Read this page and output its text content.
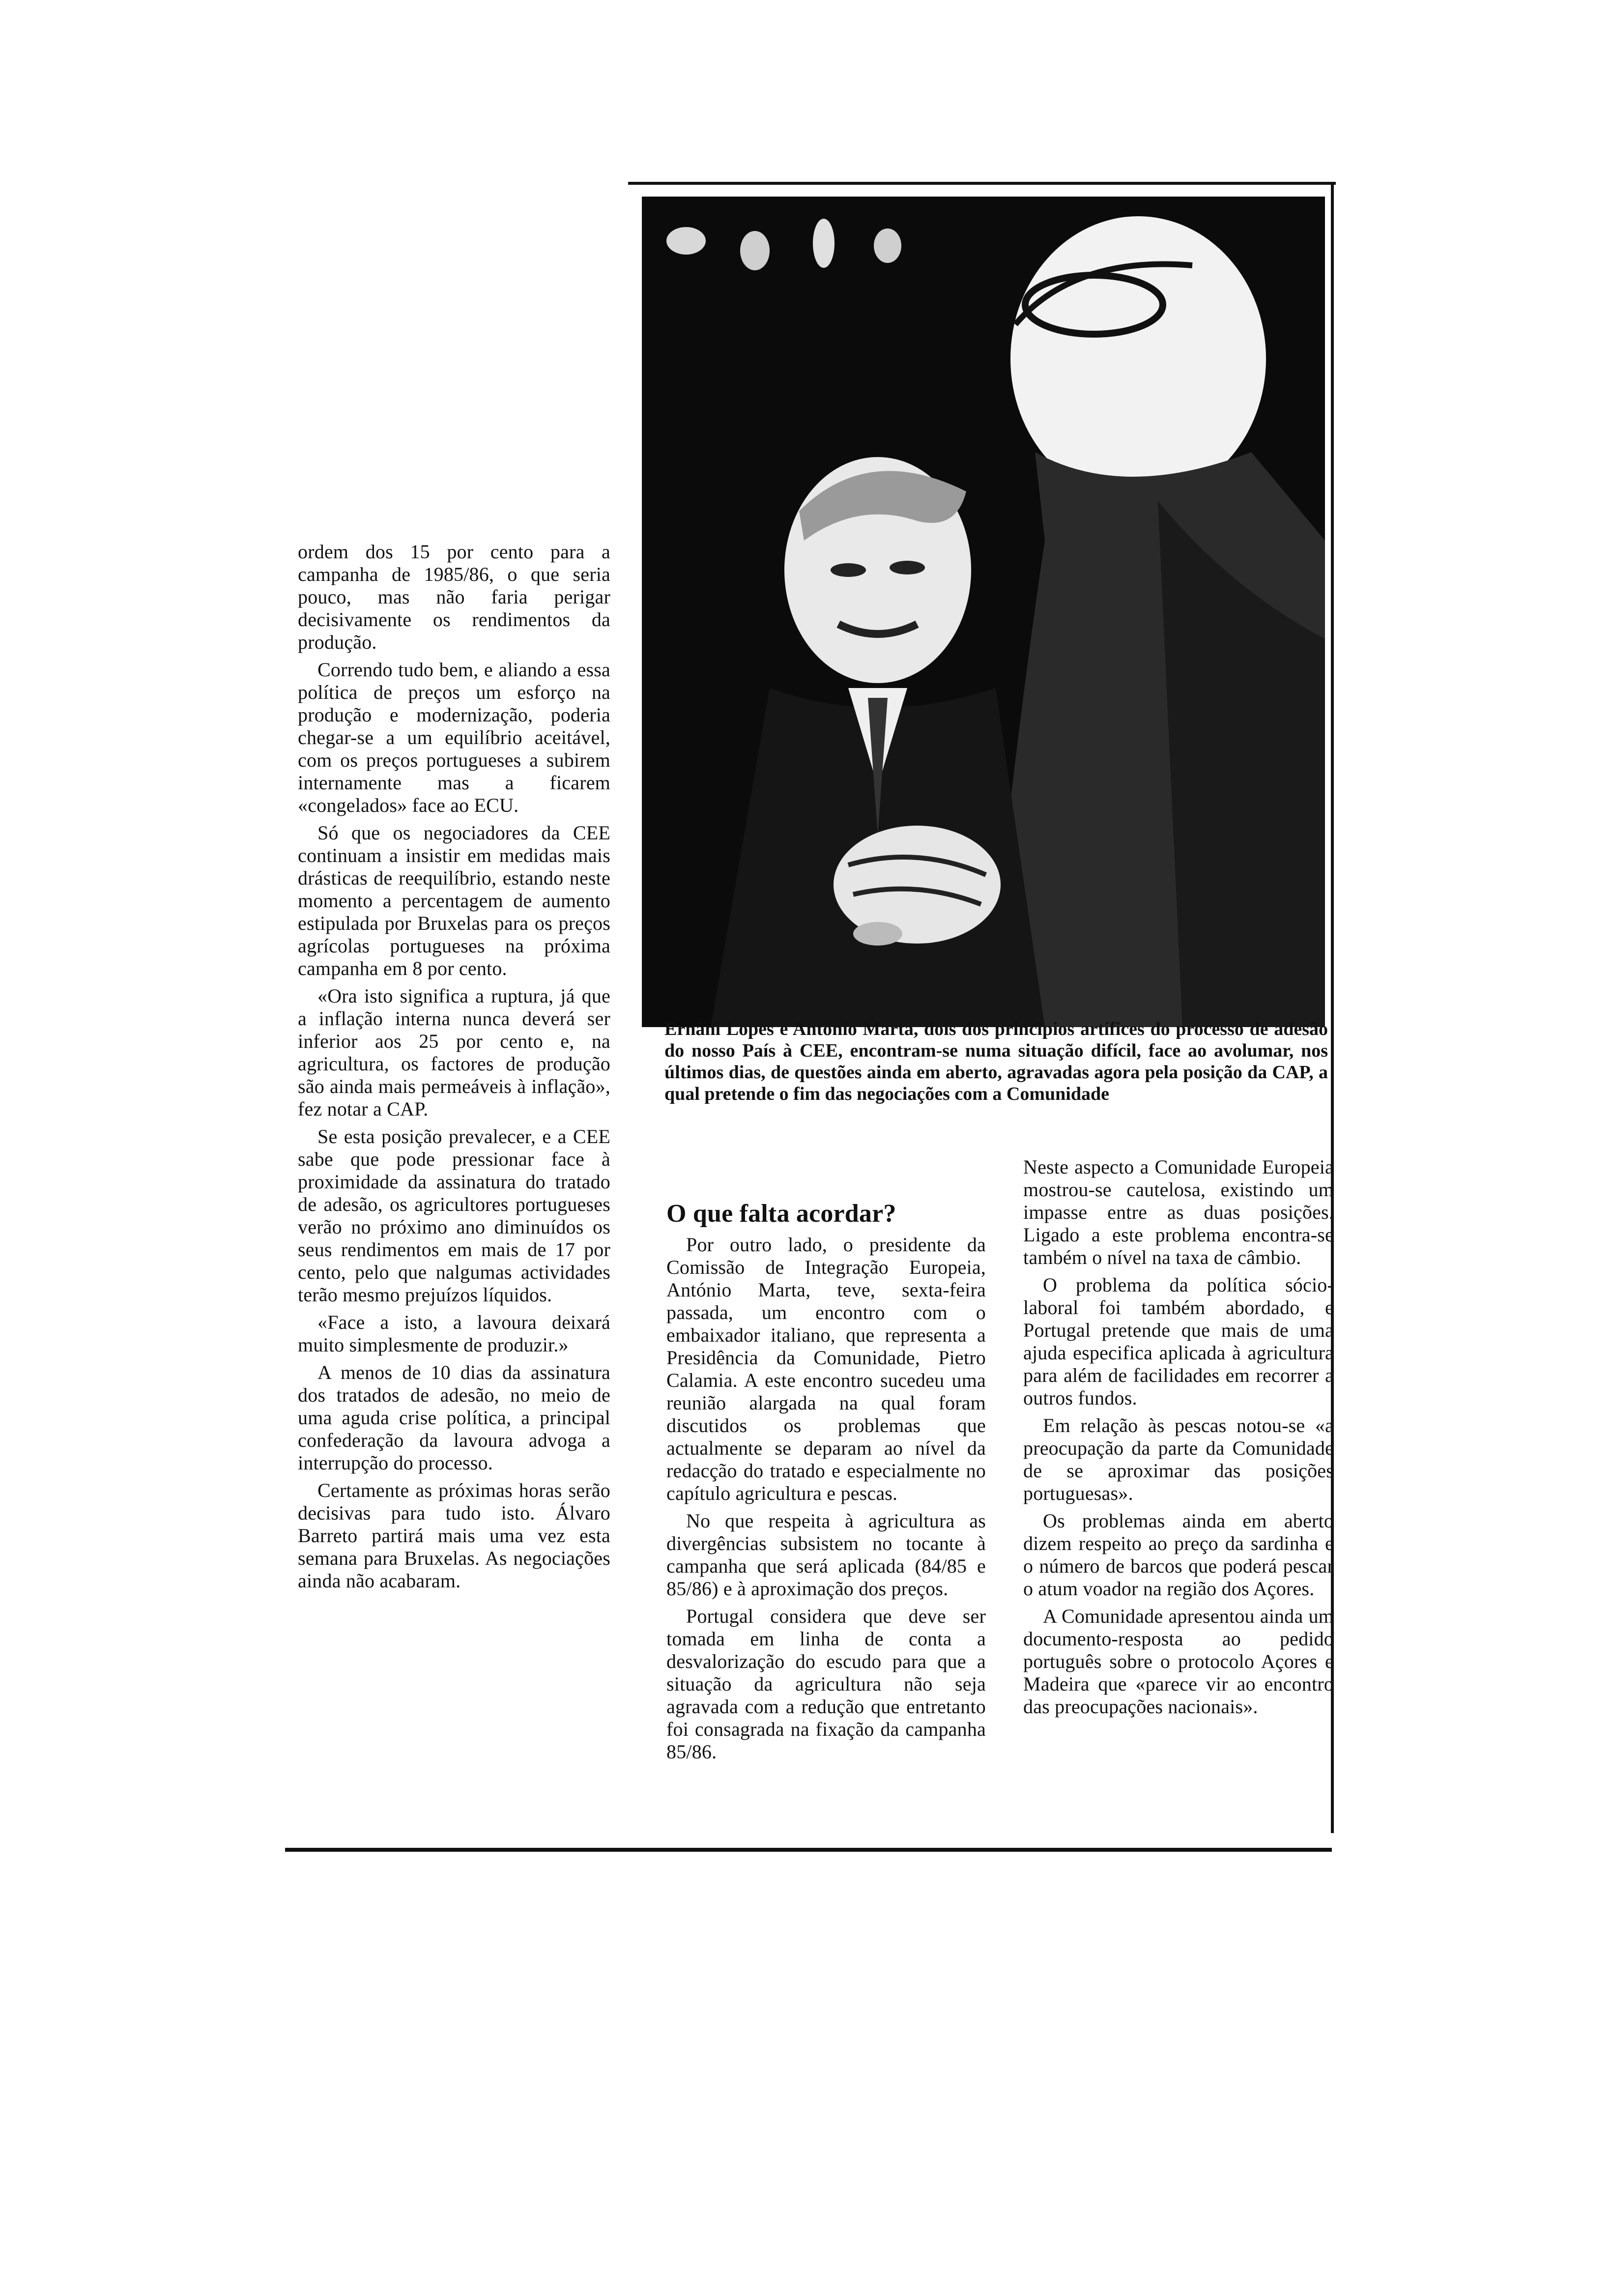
Ernâni Lopes e António Marta, dois dos principios artífices do processo de adesão do nosso País à CEE, encontram-se numa situação difícil, face ao avolumar, nos últimos dias, de questões ainda em aberto, agravadas agora pela posição da CAP, a qual pretende o fim das negociações com a Comunidade

ordem dos 15 por cento para a campanha de 1985/86, o que seria pouco, mas não faria perigar decisivamente os rendimentos da produção.

Correndo tudo bem, e aliando a essa política de preços um esforço na produção e modernização, poderia chegar-se a um equilíbrio aceitável, com os preços portugueses a subirem internamente mas a ficarem «congelados» face ao ECU.

Só que os negociadores da CEE continuam a insistir em medidas mais drásticas de reequilíbrio, estando neste momento a percentagem de aumento estipulada por Bruxelas para os preços agrícolas portugueses na próxima campanha em 8 por cento.

«Ora isto significa a ruptura, já que a inflação interna nunca deverá ser inferior aos 25 por cento e, na agricultura, os factores de produção são ainda mais permeáveis à inflação», fez notar a CAP.

Se esta posição prevalecer, e a CEE sabe que pode pressionar face à proximidade da assinatura do tratado de adesão, os agricultores portugueses verão no próximo ano diminuídos os seus rendimentos em mais de 17 por cento, pelo que nalgumas actividades terão mesmo prejuízos líquidos.

«Face a isto, a lavoura deixará muito simplesmente de produzir.»

A menos de 10 dias da assinatura dos tratados de adesão, no meio de uma aguda crise política, a principal confederação da lavoura advoga a interrupção do processo.

Certamente as próximas horas serão decisivas para tudo isto. Álvaro Barreto partirá mais uma vez esta semana para Bruxelas. As negociações ainda não acabaram.

O que falta acordar?

Por outro lado, o presidente da Comissão de Integração Europeia, António Marta, teve, sexta-feira passada, um encontro com o embaixador italiano, que representa a Presidência da Comunidade, Pietro Calamia. A este encontro sucedeu uma reunião alargada na qual foram discutidos os problemas que actualmente se deparam ao nível da redacção do tratado e especialmente no capítulo agricultura e pescas.

No que respeita à agricultura as divergências subsistem no tocante à campanha que será aplicada (84/85 e 85/86) e à aproximação dos preços.

Portugal considera que deve ser tomada em linha de conta a desvalorização do escudo para que a situação da agricultura não seja agravada com a redução que entretanto foi consagrada na fixação da campanha 85/86.

Neste aspecto a Comunidade Europeia mostrou-se cautelosa, existindo um impasse entre as duas posições. Ligado a este problema encontra-se também o nível na taxa de câmbio.

O problema da política sócio-laboral foi também abordado, e Portugal pretende que mais de uma ajuda especifica aplicada à agricultura para além de facilidades em recorrer a outros fundos.

Em relação às pescas notou-se «a preocupação da parte da Comunidade de se aproximar das posições portuguesas».

Os problemas ainda em aberto dizem respeito ao preço da sardinha e o número de barcos que poderá pescar o atum voador na região dos Açores.

A Comunidade apresentou ainda um documento-resposta ao pedido português sobre o protocolo Açores e Madeira que «parece vir ao encontro das preocupações nacionais».
